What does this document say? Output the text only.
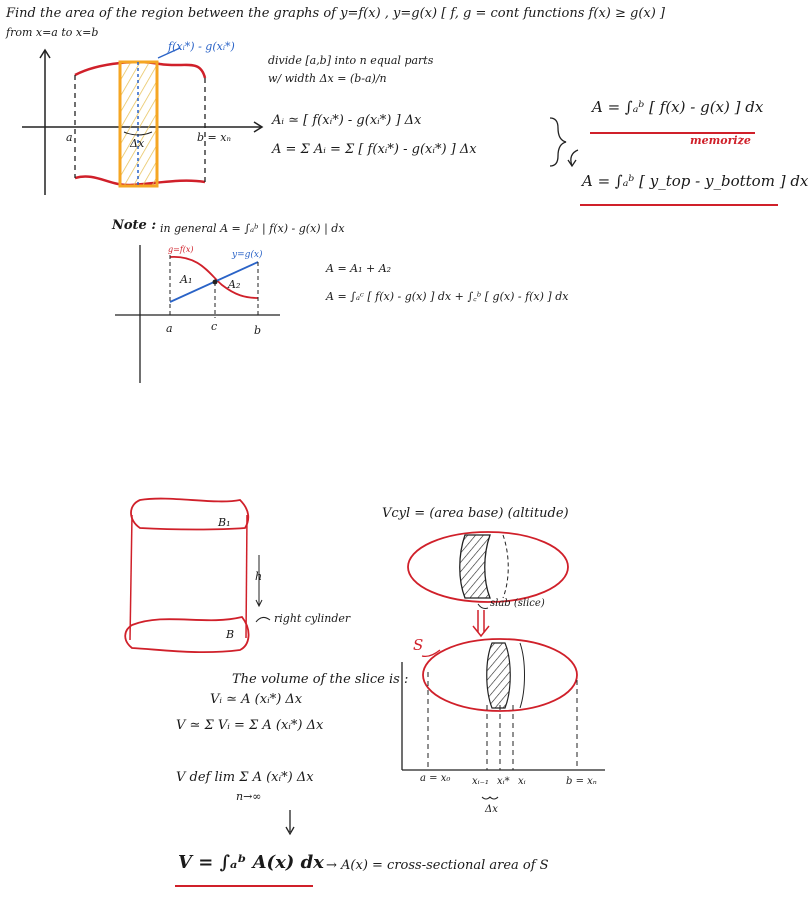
Find the area of the region between the graphs of y=f(x) , y=g(x) [ f, g = cont functions f(x) ≥ g(x) ]
from x=a to x=b
f(xᵢ*) - g(xᵢ*)
a	b = xₙ
Δx
divide [a,b] into n equal parts
w/ width Δx = (b-a)/n
Aᵢ ≃ [ f(xᵢ*) - g(xᵢ*) ] Δx
A = Σ Aᵢ = Σ [ f(xᵢ*) - g(xᵢ*) ] Δx
A = ∫ₐᵇ [ f(x) - g(x) ] dx
memorize
A = ∫ₐᵇ [ y_top - y_bottom ] dx
Note : in general A = ∫ₐᵇ | f(x) - g(x) | dx
g=f(x)
y=g(x)
A₁	A₂
a	c	b
A = A₁ + A₂
A = ∫ₐᶜ [ f(x) - g(x) ] dx + ∫꜀ᵇ [ g(x) - f(x) ] dx
B₁
B
h
right cylinder
Vcyl = (area base) (altitude)
slab (slice)
S
The volume of the slice is :
Vᵢ ≃ A (xᵢ*) Δx
V ≃ Σ Vᵢ = Σ A (xᵢ*) Δx
V def lim Σ A (xᵢ*) Δx
n→∞
V = ∫ₐᵇ A(x) dx → A(x) = cross-sectional area of S
a = x₀ xᵢ₋₁ xᵢ* xᵢ	b = xₙ
Δx
